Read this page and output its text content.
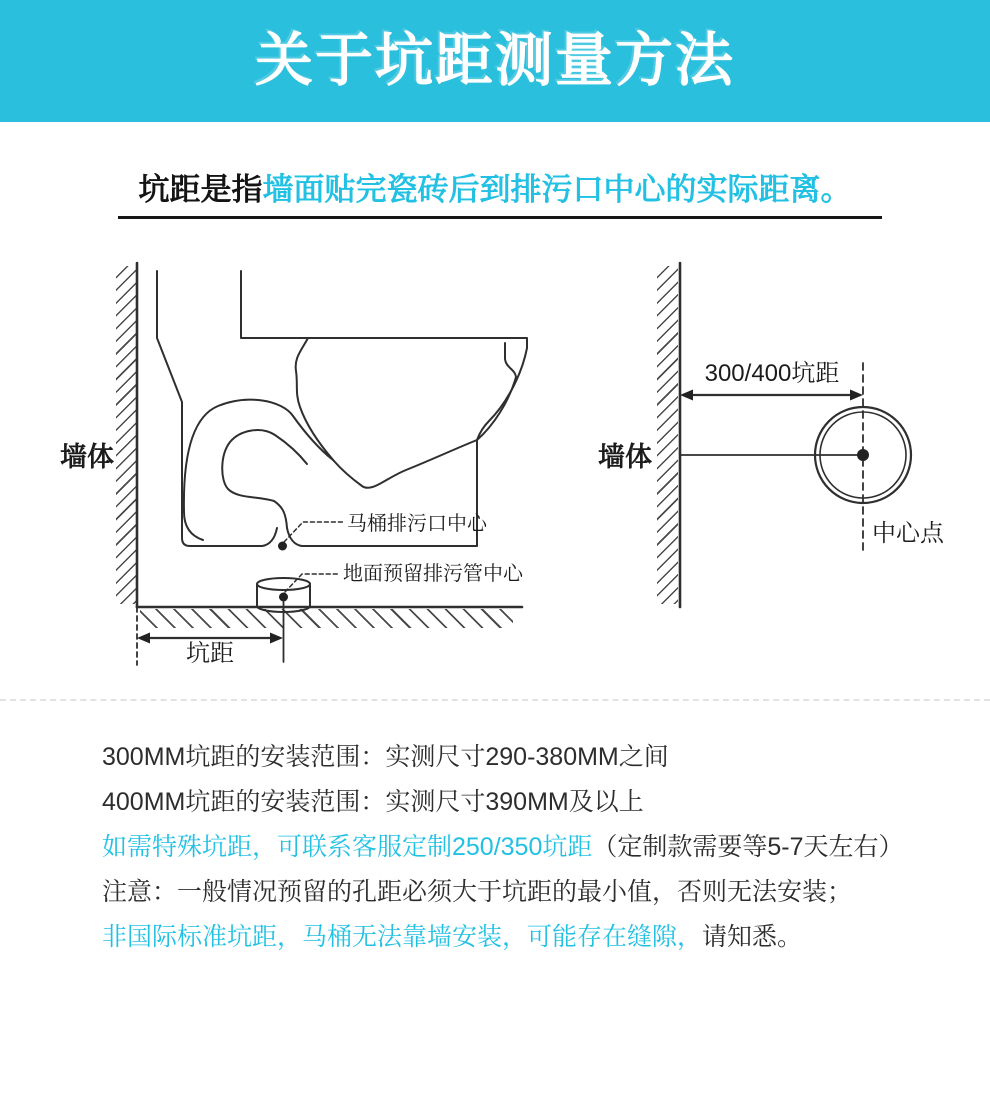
关于坑距测量方法
坑距是指墙面贴完瓷砖后到排污口中心的实际距离。
墙体
马桶排污口中心
地面预留排污管中心
坑距
300/400坑距
中心点
墙体
300MM坑距的安装范围：实测尺寸290-380MM之间
400MM坑距的安装范围：实测尺寸390MM及以上
如需特殊坑距，可联系客服定制250/350坑距（定制款需要等5-7天左右）
注意：一般情况预留的孔距必须大于坑距的最小值，否则无法安装；
非国际标准坑距，马桶无法靠墙安装，可能存在缝隙，请知悉。
